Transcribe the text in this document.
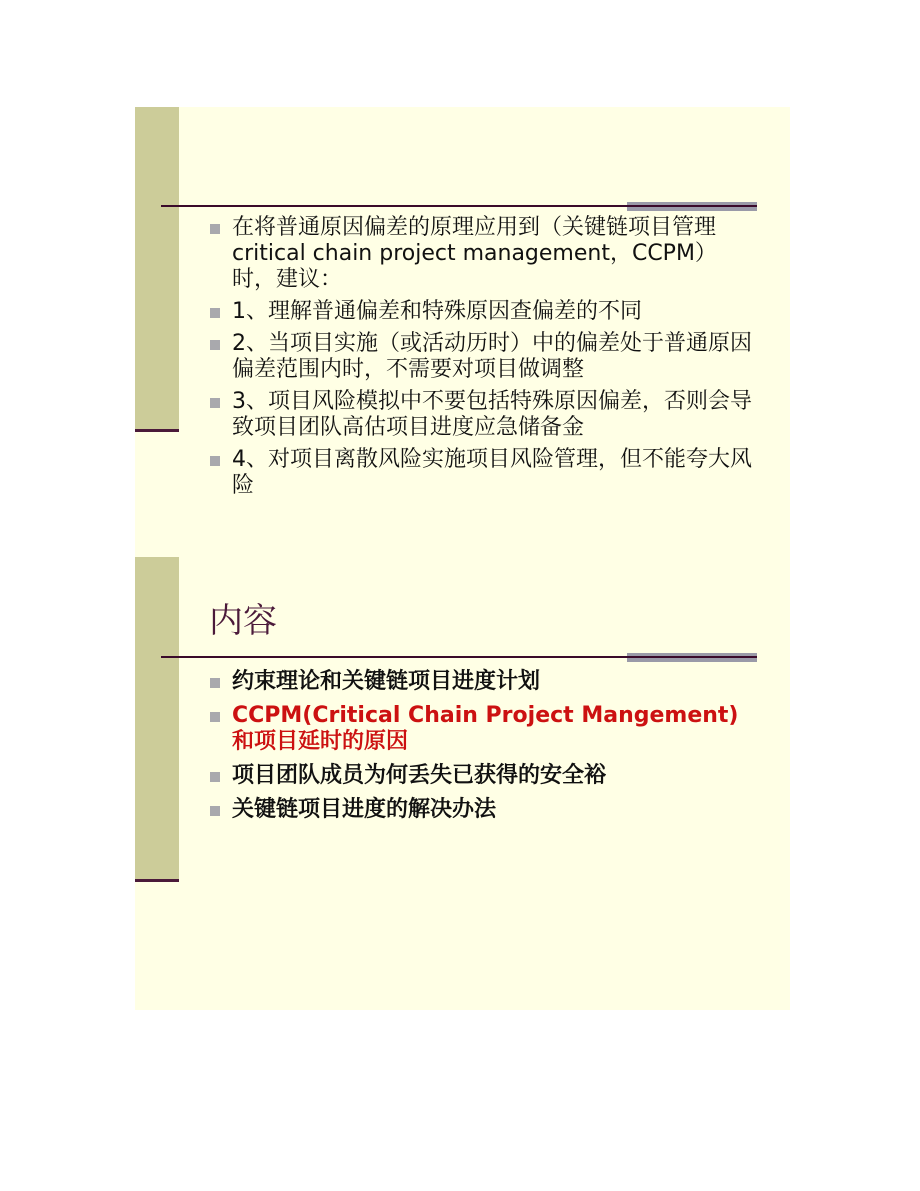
在将普通原因偏差的原理应用到（关键链项目管理critical chain project management，CCPM） 时，建议：
1、理解普通偏差和特殊原因查偏差的不同
2、当项目实施（或活动历时）中的偏差处于普通原因偏差范围内时，不需要对项目做调整
3、项目风险模拟中不要包括特殊原因偏差，否则会导致项目团队高估项目进度应急储备金
4、对项目离散风险实施项目风险管理，但不能夸大风险
内容
约束理论和关键链项目进度计划
CCPM(Critical Chain Project Mangement)和项目延时的原因
项目团队成员为何丢失已获得的安全裕
关键链项目进度的解决办法
